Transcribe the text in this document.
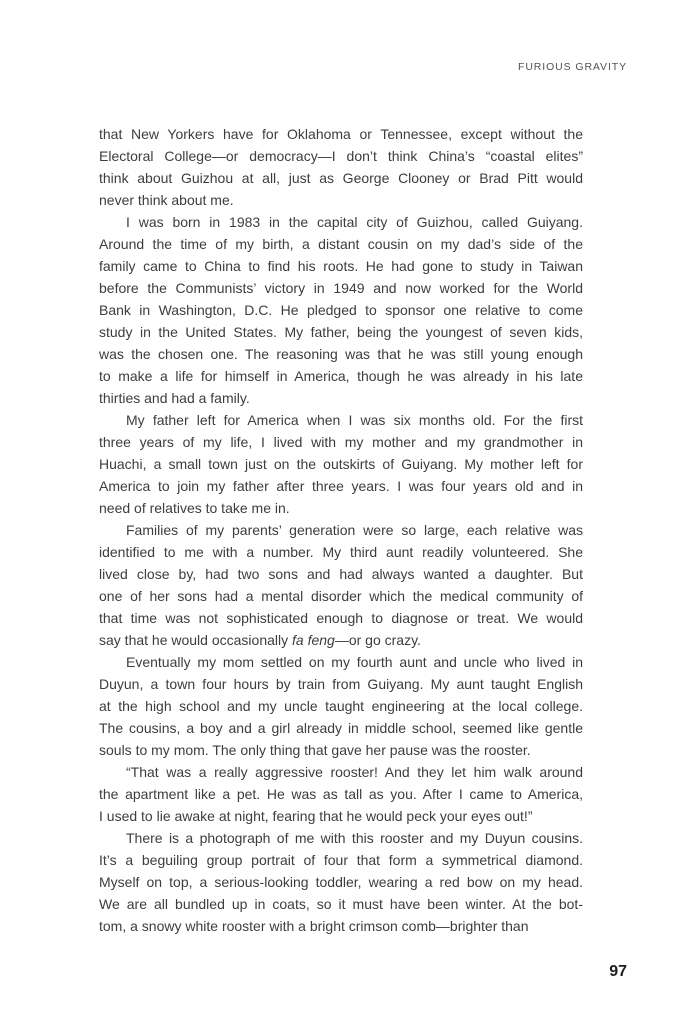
FURIOUS GRAVITY
that New Yorkers have for Oklahoma or Tennessee, except without the
Electoral College—or democracy—I don’t think China’s “coastal elites”
think about Guizhou at all, just as George Clooney or Brad Pitt would
never think about me.
I was born in 1983 in the capital city of Guizhou, called Guiyang.
Around the time of my birth, a distant cousin on my dad’s side of the
family came to China to find his roots. He had gone to study in Taiwan
before the Communists’ victory in 1949 and now worked for the World
Bank in Washington, D.C. He pledged to sponsor one relative to come
study in the United States. My father, being the youngest of seven kids,
was the chosen one. The reasoning was that he was still young enough
to make a life for himself in America, though he was already in his late
thirties and had a family.
My father left for America when I was six months old. For the first
three years of my life, I lived with my mother and my grandmother in
Huachi, a small town just on the outskirts of Guiyang. My mother left for
America to join my father after three years. I was four years old and in
need of relatives to take me in.
Families of my parents’ generation were so large, each relative was
identified to me with a number. My third aunt readily volunteered. She
lived close by, had two sons and had always wanted a daughter. But
one of her sons had a mental disorder which the medical community of
that time was not sophisticated enough to diagnose or treat. We would
say that he would occasionally fa feng—or go crazy.
Eventually my mom settled on my fourth aunt and uncle who lived in
Duyun, a town four hours by train from Guiyang. My aunt taught English
at the high school and my uncle taught engineering at the local college.
The cousins, a boy and a girl already in middle school, seemed like gentle
souls to my mom. The only thing that gave her pause was the rooster.
“That was a really aggressive rooster! And they let him walk around
the apartment like a pet. He was as tall as you. After I came to America,
I used to lie awake at night, fearing that he would peck your eyes out!”
There is a photograph of me with this rooster and my Duyun cousins.
It’s a beguiling group portrait of four that form a symmetrical diamond.
Myself on top, a serious-looking toddler, wearing a red bow on my head.
We are all bundled up in coats, so it must have been winter. At the bot-
tom, a snowy white rooster with a bright crimson comb—brighter than
97
